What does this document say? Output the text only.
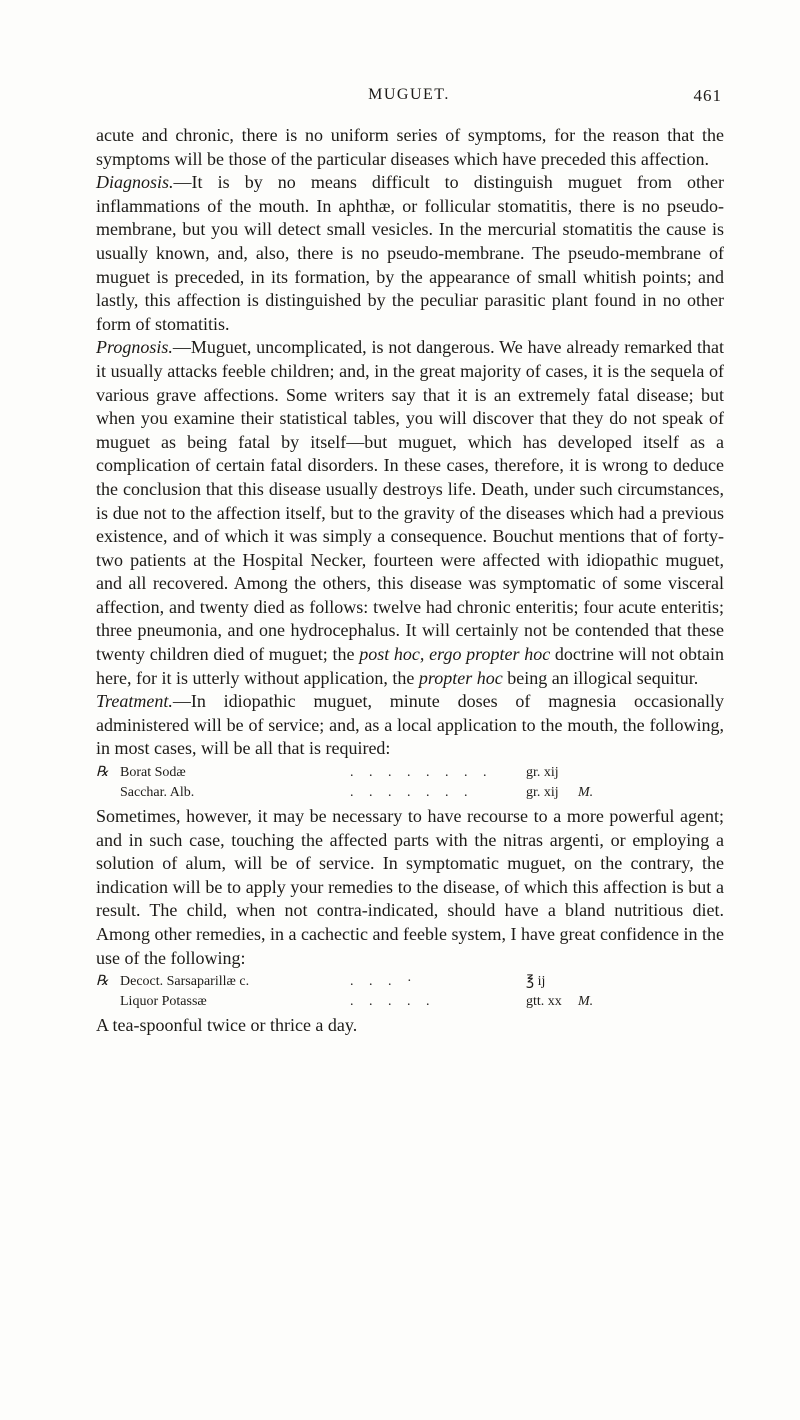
MUGUET.	461

acute and chronic, there is no uniform series of symptoms, for the reason that the symptoms will be those of the particular diseases which have preceded this affection.

Diagnosis.—It is by no means difficult to distinguish muguet from other inflammations of the mouth. In aphthæ, or follicular stomatitis, there is no pseudo-membrane, but you will detect small vesicles. In the mercurial stomatitis the cause is usually known, and, also, there is no pseudo-membrane. The pseudo-membrane of muguet is preceded, in its formation, by the appearance of small whitish points; and lastly, this affection is distinguished by the peculiar parasitic plant found in no other form of stomatitis.

Prognosis.—Muguet, uncomplicated, is not dangerous. We have already remarked that it usually attacks feeble children; and, in the great majority of cases, it is the sequela of various grave affections. Some writers say that it is an extremely fatal disease; but when you examine their statistical tables, you will discover that they do not speak of muguet as being fatal by itself—but muguet, which has developed itself as a complication of certain fatal disorders. In these cases, therefore, it is wrong to deduce the conclusion that this disease usually destroys life. Death, under such circumstances, is due not to the affection itself, but to the gravity of the diseases which had a previous existence, and of which it was simply a consequence. Bouchut mentions that of forty-two patients at the Hospital Necker, fourteen were affected with idiopathic muguet, and all recovered. Among the others, this disease was symptomatic of some visceral affection, and twenty died as follows: twelve had chronic enteritis; four acute enteritis; three pneumonia, and one hydrocephalus. It will certainly not be contended that these twenty children died of muguet; the post hoc, ergo propter hoc doctrine will not obtain here, for it is utterly without application, the propter hoc being an illogical sequitur.

Treatment.—In idiopathic muguet, minute doses of magnesia occasionally administered will be of service; and, as a local application to the mouth, the following, in most cases, will be all that is required:

℞ Borat Sodæ	. . . . . . . .	gr. xij
Sacchar. Alb.	. . . . . . .	gr. xij	M.

Sometimes, however, it may be necessary to have recourse to a more powerful agent; and in such case, touching the affected parts with the nitras argenti, or employing a solution of alum, will be of service. In symptomatic muguet, on the contrary, the indication will be to apply your remedies to the disease, of which this affection is but a result. The child, when not contra-indicated, should have a bland nutritious diet. Among other remedies, in a cachectic and feeble system, I have great confidence in the use of the following:

℞ Decoct. Sarsaparillæ c.	. . . ·	℥ ij
Liquor Potassæ	. . . . .	gtt. xx	M.

A tea-spoonful twice or thrice a day.
